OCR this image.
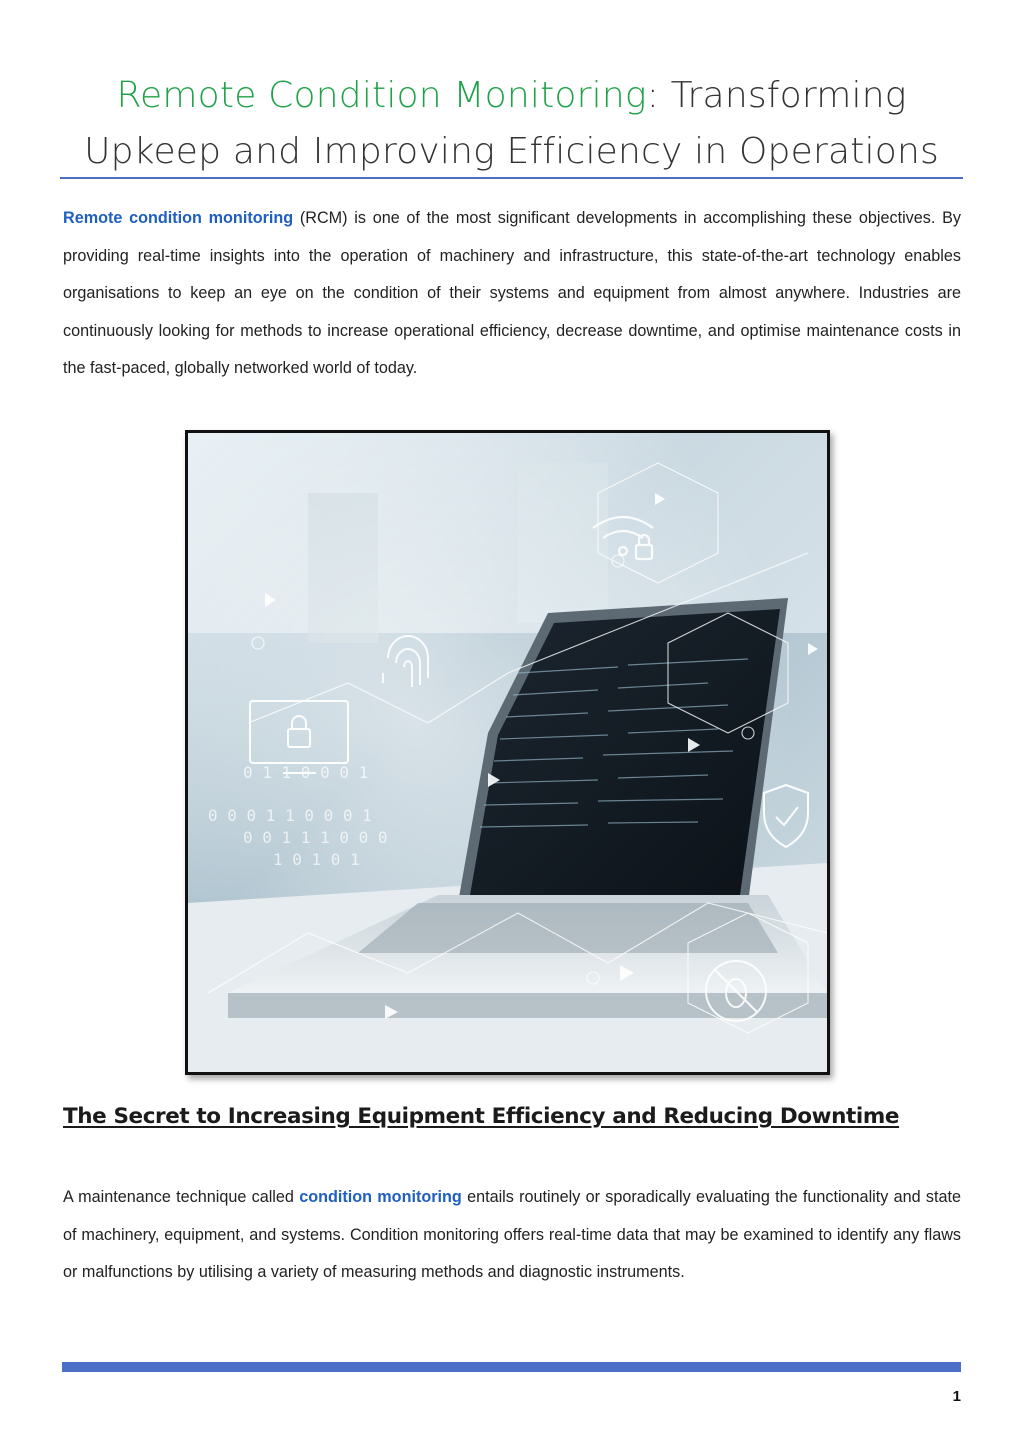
Remote Condition Monitoring: Transforming
Upkeep and Improving Efficiency in Operations

Remote condition monitoring (RCM) is one of the most significant developments in accomplishing these objectives. By providing real-time insights into the operation of machinery and infrastructure, this state-of-the-art technology enables organisations to keep an eye on the condition of their systems and equipment from almost anywhere. Industries are continuously looking for methods to increase operational efficiency, decrease downtime, and optimise maintenance costs in the fast-paced, globally networked world of today.

0 1 1 0 0 0 1
0 0 0 1 1 0 0 0 1
0 0 1 1 1 0 0 0
1 0 1 0 1
The Secret to Increasing Equipment Efficiency and Reducing Downtime

A maintenance technique called condition monitoring entails routinely or sporadically evaluating the functionality and state of machinery, equipment, and systems. Condition monitoring offers real-time data that may be examined to identify any flaws or malfunctions by utilising a variety of measuring methods and diagnostic instruments.

1
